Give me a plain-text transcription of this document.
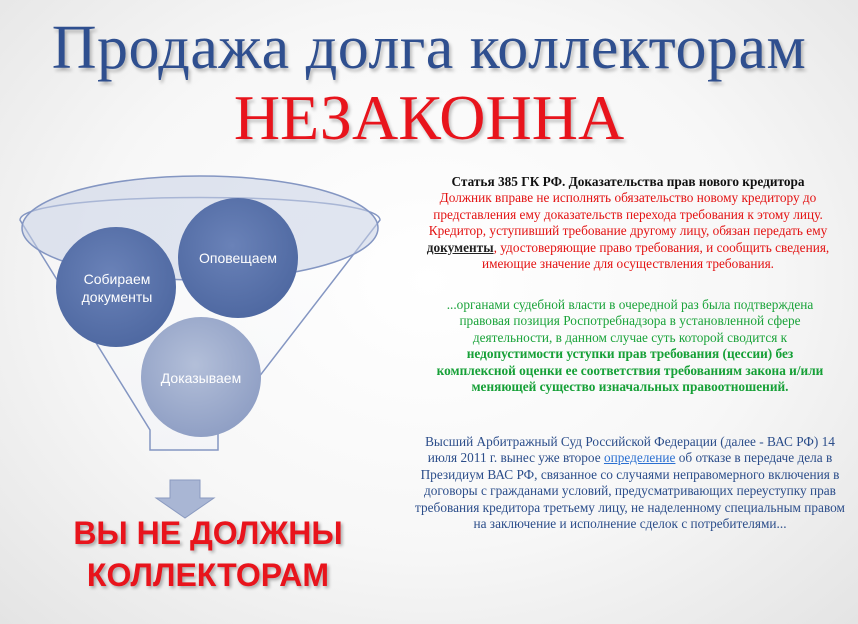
Продажа долга коллекторам
НЕЗАКОННА
Собираем документы
Оповещаем
Доказываем
ВЫ НЕ ДОЛЖНЫ
КОЛЛЕКТОРАМ
Статья 385 ГК РФ. Доказательства прав нового кредитора
Должник вправе не исполнять обязательство новому кредитору до представления ему доказательств перехода требования к этому лицу.
Кредитор, уступивший требование другому лицу, обязан передать ему документы, удостоверяющие право требования, и сообщить сведения, имеющие значение для осуществления требования.
...органами судебной власти в очередной раз была подтверждена правовая позиция Роспотребнадзора в установленной сфере деятельности, в данном случае суть которой сводится к недопустимости уступки прав требования (цессии) без комплексной оценки ее соответствия требованиям закона и/или меняющей существо изначальных правоотношений.
Высший Арбитражный Суд Российской Федерации (далее - ВАС РФ) 14 июля 2011 г. вынес уже второе определение об отказе в передаче дела в Президиум ВАС РФ, связанное со случаями неправомерного включения в договоры с гражданами условий, предусматривающих переуступку прав требования кредитора третьему лицу, не наделенному специальным правом на заключение и исполнение сделок с потребителями...
